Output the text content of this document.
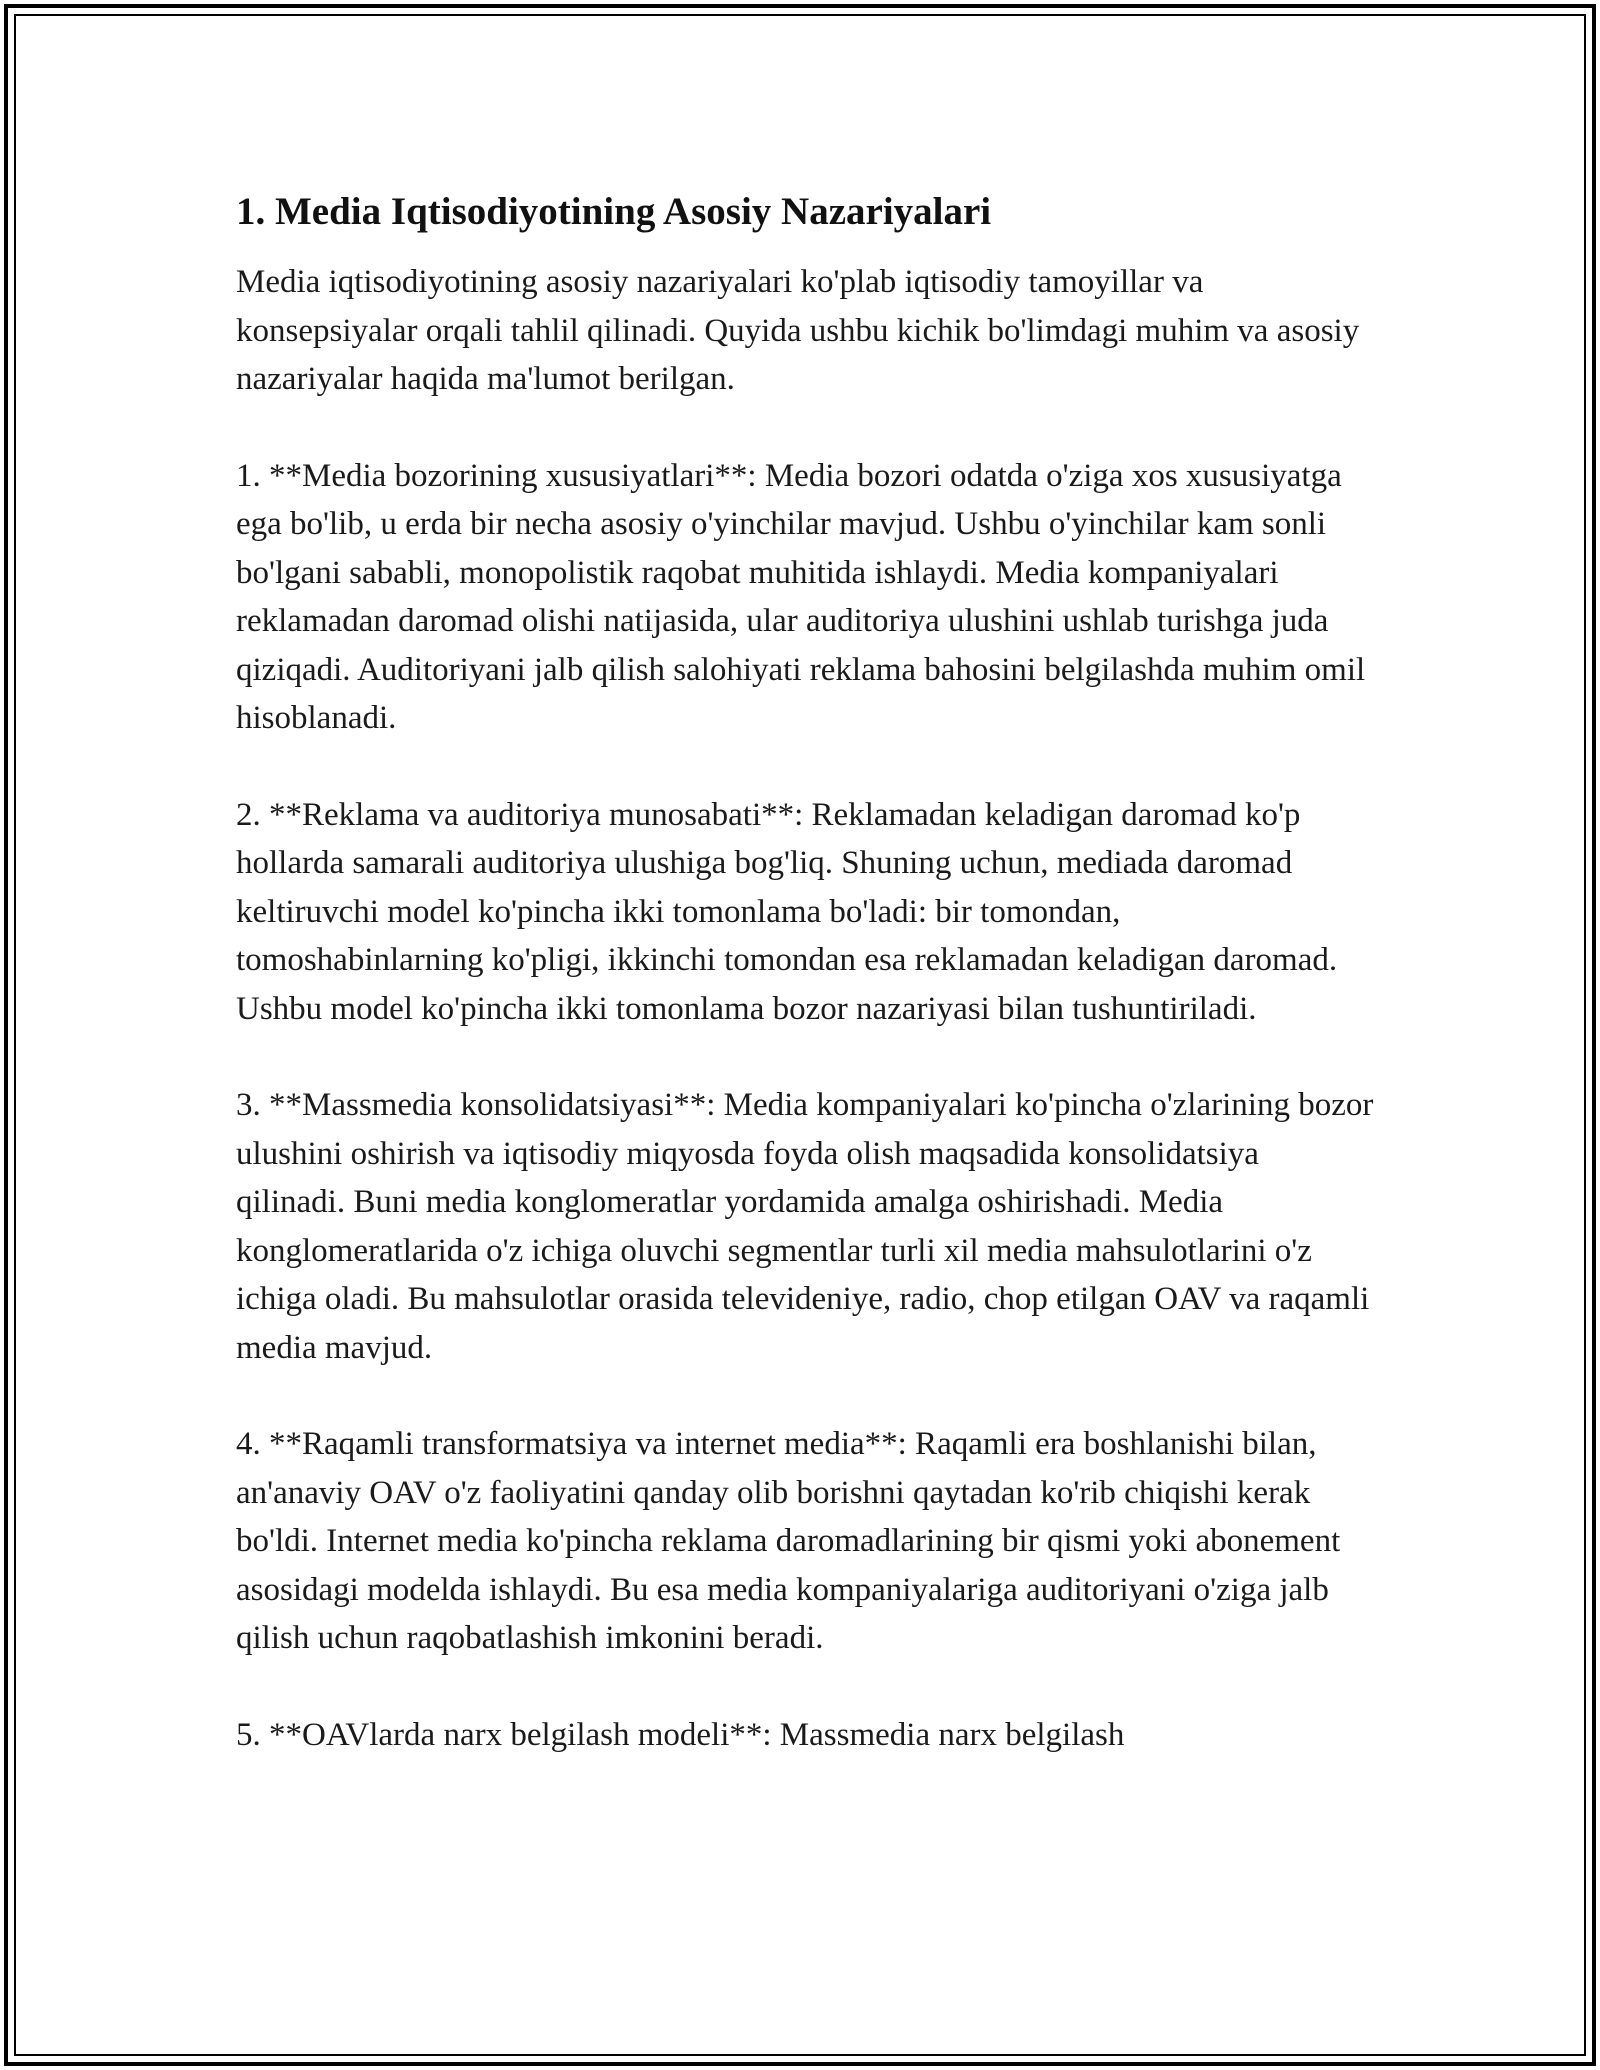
1. Media Iqtisodiyotining Asosiy Nazariyalari

Media iqtisodiyotining asosiy nazariyalari ko'plab iqtisodiy tamoyillar va konsepsiyalar orqali tahlil qilinadi. Quyida ushbu kichik bo'limdagi muhim va asosiy nazariyalar haqida ma'lumot berilgan.

1. **Media bozorining xususiyatlari**: Media bozori odatda o'ziga xos xususiyatga ega bo'lib, u erda bir necha asosiy o'yinchilar mavjud. Ushbu o'yinchilar kam sonli bo'lgani sababli, monopolistik raqobat muhitida ishlaydi. Media kompaniyalari reklamadan daromad olishi natijasida, ular auditoriya ulushini ushlab turishga juda qiziqadi. Auditoriyani jalb qilish salohiyati reklama bahosini belgilashda muhim omil hisoblanadi.

2. **Reklama va auditoriya munosabati**: Reklamadan keladigan daromad ko'p hollarda samarali auditoriya ulushiga bog'liq. Shuning uchun, mediada daromad keltiruvchi model ko'pincha ikki tomonlama bo'ladi: bir tomondan, tomoshabinlarning ko'pligi, ikkinchi tomondan esa reklamadan keladigan daromad. Ushbu model ko'pincha ikki tomonlama bozor nazariyasi bilan tushuntiriladi.

3. **Massmedia konsolidatsiyasi**: Media kompaniyalari ko'pincha o'zlarining bozor ulushini oshirish va iqtisodiy miqyosda foyda olish maqsadida konsolidatsiya qilinadi. Buni media konglomeratlar yordamida amalga oshirishadi. Media konglomeratlarida o'z ichiga oluvchi segmentlar turli xil media mahsulotlarini o'z ichiga oladi. Bu mahsulotlar orasida televideniye, radio, chop etilgan OAV va raqamli media mavjud.

4. **Raqamli transformatsiya va internet media**: Raqamli era boshlanishi bilan, an'anaviy OAV o'z faoliyatini qanday olib borishni qaytadan ko'rib chiqishi kerak bo'ldi. Internet media ko'pincha reklama daromadlarining bir qismi yoki abonement asosidagi modelda ishlaydi. Bu esa media kompaniyalariga auditoriyani o'ziga jalb qilish uchun raqobatlashish imkonini beradi.

5. **OAVlarda narx belgilash modeli**: Massmedia narx belgilash
